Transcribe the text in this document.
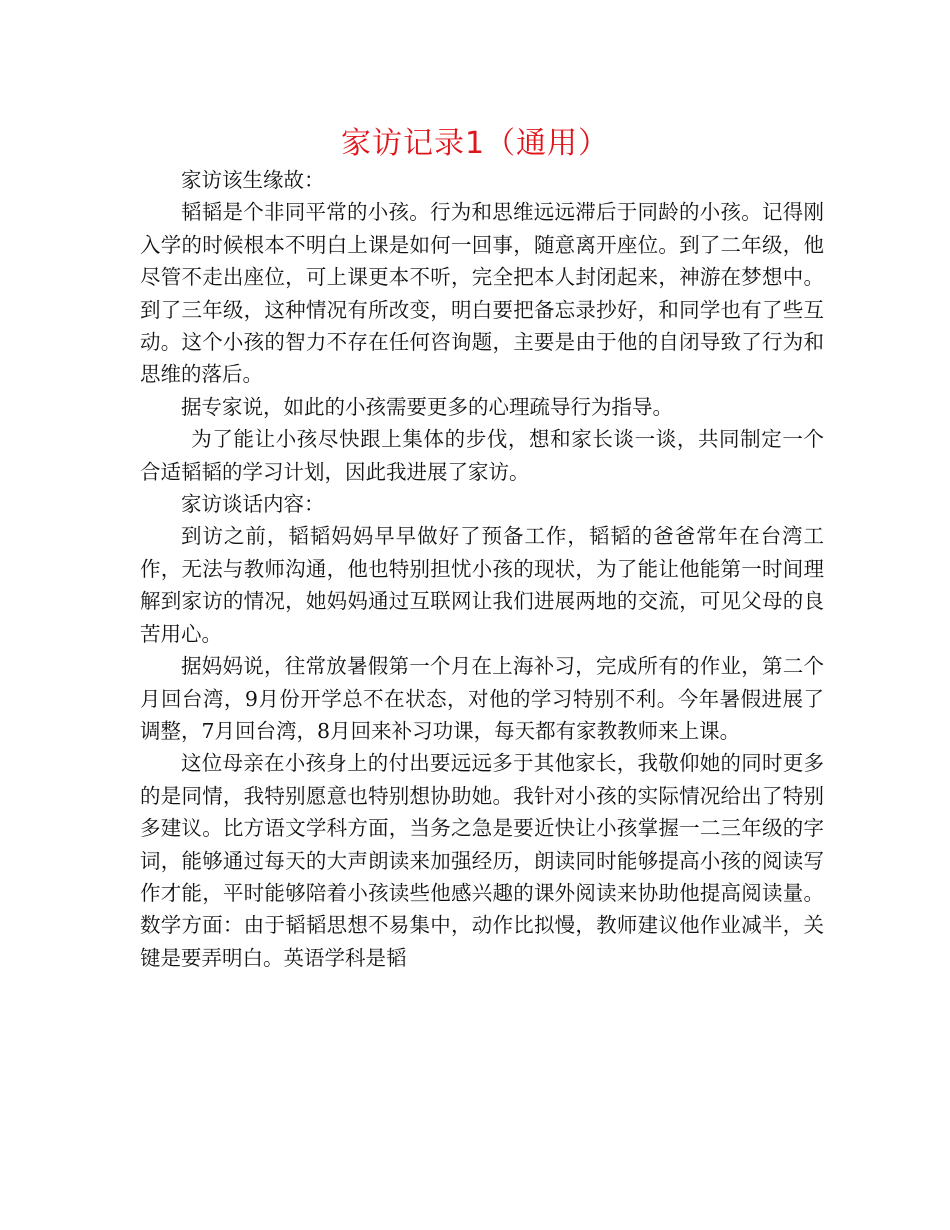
家访记录1（通用）

家访该生缘故：

韬韬是个非同平常的小孩。行为和思维远远滞后于同龄的小孩。记得刚入学的时候根本不明白上课是如何一回事，随意离开座位。到了二年级，他尽管不走出座位，可上课更本不听，完全把本人封闭起来，神游在梦想中。到了三年级，这种情况有所改变，明白要把备忘录抄好，和同学也有了些互动。这个小孩的智力不存在任何咨询题，主要是由于他的自闭导致了行为和思维的落后。

据专家说，如此的小孩需要更多的心理疏导行为指导。

为了能让小孩尽快跟上集体的步伐，想和家长谈一谈，共同制定一个合适韬韬的学习计划，因此我进展了家访。

家访谈话内容：

到访之前，韬韬妈妈早早做好了预备工作，韬韬的爸爸常年在台湾工作，无法与教师沟通，他也特别担忧小孩的现状，为了能让他能第一时间理解到家访的情况，她妈妈通过互联网让我们进展两地的交流，可见父母的良苦用心。

据妈妈说，往常放暑假第一个月在上海补习，完成所有的作业，第二个月回台湾，9月份开学总不在状态，对他的学习特别不利。今年暑假进展了调整，7月回台湾，8月回来补习功课，每天都有家教教师来上课。

这位母亲在小孩身上的付出要远远多于其他家长，我敬仰她的同时更多的是同情，我特别愿意也特别想协助她。我针对小孩的实际情况给出了特别多建议。比方语文学科方面，当务之急是要近快让小孩掌握一二三年级的字词，能够通过每天的大声朗读来加强经历，朗读同时能够提高小孩的阅读写作才能，平时能够陪着小孩读些他感兴趣的课外阅读来协助他提高阅读量。数学方面：由于韬韬思想不易集中，动作比拟慢，教师建议他作业减半，关键是要弄明白。英语学科是韬
